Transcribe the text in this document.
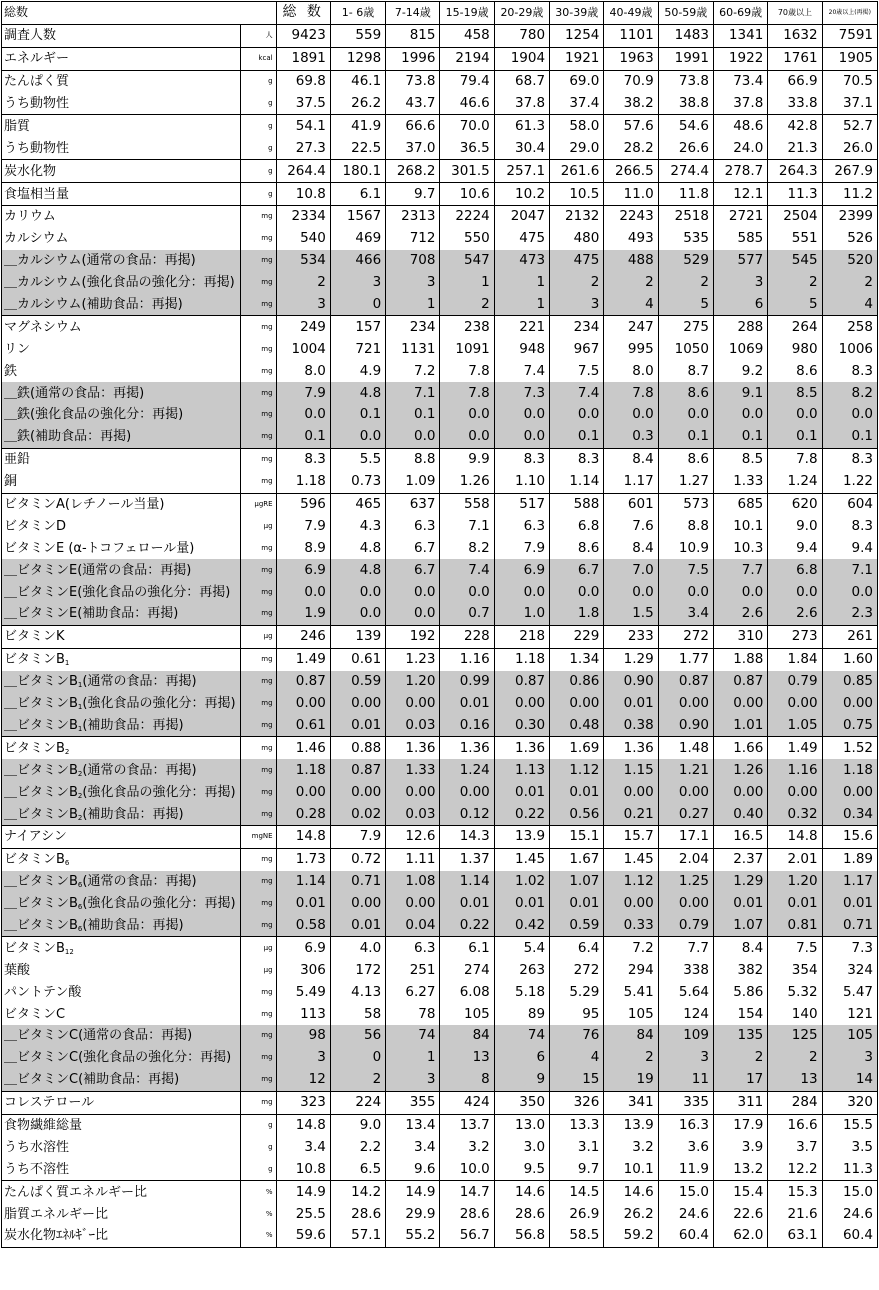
総数		総 数	1- 6歳	7-14歳	15-19歳	20-29歳	30-39歳	40-49歳	50-59歳	60-69歳	70歳以上	20歳以上(再掲)
調査人数	人	9423	559	815	458	780	1254	1101	1483	1341	1632	7591
エネルギー	kcal	1891	1298	1996	2194	1904	1921	1963	1991	1922	1761	1905
たんぱく質	g	69.8	46.1	73.8	79.4	68.7	69.0	70.9	73.8	73.4	66.9	70.5
うち動物性	g	37.5	26.2	43.7	46.6	37.8	37.4	38.2	38.8	37.8	33.8	37.1
脂質	g	54.1	41.9	66.6	70.0	61.3	58.0	57.6	54.6	48.6	42.8	52.7
うち動物性	g	27.3	22.5	37.0	36.5	30.4	29.0	28.2	26.6	24.0	21.3	26.0
炭水化物	g	264.4	180.1	268.2	301.5	257.1	261.6	266.5	274.4	278.7	264.3	267.9
食塩相当量	g	10.8	6.1	9.7	10.6	10.2	10.5	11.0	11.8	12.1	11.3	11.2
カリウム	mg	2334	1567	2313	2224	2047	2132	2243	2518	2721	2504	2399
カルシウム	mg	540	469	712	550	475	480	493	535	585	551	526
＿カルシウム(通常の食品：再掲)	mg	534	466	708	547	473	475	488	529	577	545	520
＿カルシウム(強化食品の強化分：再掲)	mg	2	3	3	1	1	2	2	2	3	2	2
＿カルシウム(補助食品：再掲)	mg	3	0	1	2	1	3	4	5	6	5	4
マグネシウム	mg	249	157	234	238	221	234	247	275	288	264	258
リン	mg	1004	721	1131	1091	948	967	995	1050	1069	980	1006
鉄	mg	8.0	4.9	7.2	7.8	7.4	7.5	8.0	8.7	9.2	8.6	8.3
＿鉄(通常の食品：再掲)	mg	7.9	4.8	7.1	7.8	7.3	7.4	7.8	8.6	9.1	8.5	8.2
＿鉄(強化食品の強化分：再掲)	mg	0.0	0.1	0.1	0.0	0.0	0.0	0.0	0.0	0.0	0.0	0.0
＿鉄(補助食品：再掲)	mg	0.1	0.0	0.0	0.0	0.0	0.1	0.3	0.1	0.1	0.1	0.1
亜鉛	mg	8.3	5.5	8.8	9.9	8.3	8.3	8.4	8.6	8.5	7.8	8.3
銅	mg	1.18	0.73	1.09	1.26	1.10	1.14	1.17	1.27	1.33	1.24	1.22
ビタミンA(レチノール当量)	μgRE	596	465	637	558	517	588	601	573	685	620	604
ビタミンD	μg	7.9	4.3	6.3	7.1	6.3	6.8	7.6	8.8	10.1	9.0	8.3
ビタミンE (α-トコフェロール量)	mg	8.9	4.8	6.7	8.2	7.9	8.6	8.4	10.9	10.3	9.4	9.4
＿ビタミンE(通常の食品：再掲)	mg	6.9	4.8	6.7	7.4	6.9	6.7	7.0	7.5	7.7	6.8	7.1
＿ビタミンE(強化食品の強化分：再掲)	mg	0.0	0.0	0.0	0.0	0.0	0.0	0.0	0.0	0.0	0.0	0.0
＿ビタミンE(補助食品：再掲)	mg	1.9	0.0	0.0	0.7	1.0	1.8	1.5	3.4	2.6	2.6	2.3
ビタミンK	μg	246	139	192	228	218	229	233	272	310	273	261
ビタミン$B_1$	mg	1.49	0.61	1.23	1.16	1.18	1.34	1.29	1.77	1.88	1.84	1.60
＿ビタミン$B_1$(通常の食品：再掲)	mg	0.87	0.59	1.20	0.99	0.87	0.86	0.90	0.87	0.87	0.79	0.85
＿ビタミン$B_1$(強化食品の強化分：再掲)	mg	0.00	0.00	0.00	0.01	0.00	0.00	0.01	0.00	0.00	0.00	0.00
＿ビタミン$B_1$(補助食品：再掲)	mg	0.61	0.01	0.03	0.16	0.30	0.48	0.38	0.90	1.01	1.05	0.75
ビタミン$B_2$	mg	1.46	0.88	1.36	1.36	1.36	1.69	1.36	1.48	1.66	1.49	1.52
＿ビタミン$B_2$(通常の食品：再掲)	mg	1.18	0.87	1.33	1.24	1.13	1.12	1.15	1.21	1.26	1.16	1.18
＿ビタミン$B_2$(強化食品の強化分：再掲)	mg	0.00	0.00	0.00	0.00	0.01	0.01	0.00	0.00	0.00	0.00	0.00
＿ビタミン$B_2$(補助食品：再掲)	mg	0.28	0.02	0.03	0.12	0.22	0.56	0.21	0.27	0.40	0.32	0.34
ナイアシン	mgNE	14.8	7.9	12.6	14.3	13.9	15.1	15.7	17.1	16.5	14.8	15.6
ビタミン$B_6$	mg	1.73	0.72	1.11	1.37	1.45	1.67	1.45	2.04	2.37	2.01	1.89
＿ビタミン$B_6$(通常の食品：再掲)	mg	1.14	0.71	1.08	1.14	1.02	1.07	1.12	1.25	1.29	1.20	1.17
＿ビタミン$B_6$(強化食品の強化分：再掲)	mg	0.01	0.00	0.00	0.01	0.01	0.01	0.00	0.00	0.01	0.01	0.01
＿ビタミン$B_6$(補助食品：再掲)	mg	0.58	0.01	0.04	0.22	0.42	0.59	0.33	0.79	1.07	0.81	0.71
ビタミン$B_{12}$	μg	6.9	4.0	6.3	6.1	5.4	6.4	7.2	7.7	8.4	7.5	7.3
葉酸	μg	306	172	251	274	263	272	294	338	382	354	324
パントテン酸	mg	5.49	4.13	6.27	6.08	5.18	5.29	5.41	5.64	5.86	5.32	5.47
ビタミンC	mg	113	58	78	105	89	95	105	124	154	140	121
＿ビタミンC(通常の食品：再掲)	mg	98	56	74	84	74	76	84	109	135	125	105
＿ビタミンC(強化食品の強化分：再掲)	mg	3	0	1	13	6	4	2	3	2	2	3
＿ビタミンC(補助食品：再掲)	mg	12	2	3	8	9	15	19	11	17	13	14
コレステロール	mg	323	224	355	424	350	326	341	335	311	284	320
食物繊維総量	g	14.8	9.0	13.4	13.7	13.0	13.3	13.9	16.3	17.9	16.6	15.5
うち水溶性	g	3.4	2.2	3.4	3.2	3.0	3.1	3.2	3.6	3.9	3.7	3.5
うち不溶性	g	10.8	6.5	9.6	10.0	9.5	9.7	10.1	11.9	13.2	12.2	11.3
たんぱく質エネルギー比	%	14.9	14.2	14.9	14.7	14.6	14.5	14.6	15.0	15.4	15.3	15.0
脂質エネルギー比	%	25.5	28.6	29.9	28.6	28.6	26.9	26.2	24.6	22.6	21.6	24.6
炭水化物ｴﾈﾙｷﾞｰ比	%	59.6	57.1	55.2	56.7	56.8	58.5	59.2	60.4	62.0	63.1	60.4
